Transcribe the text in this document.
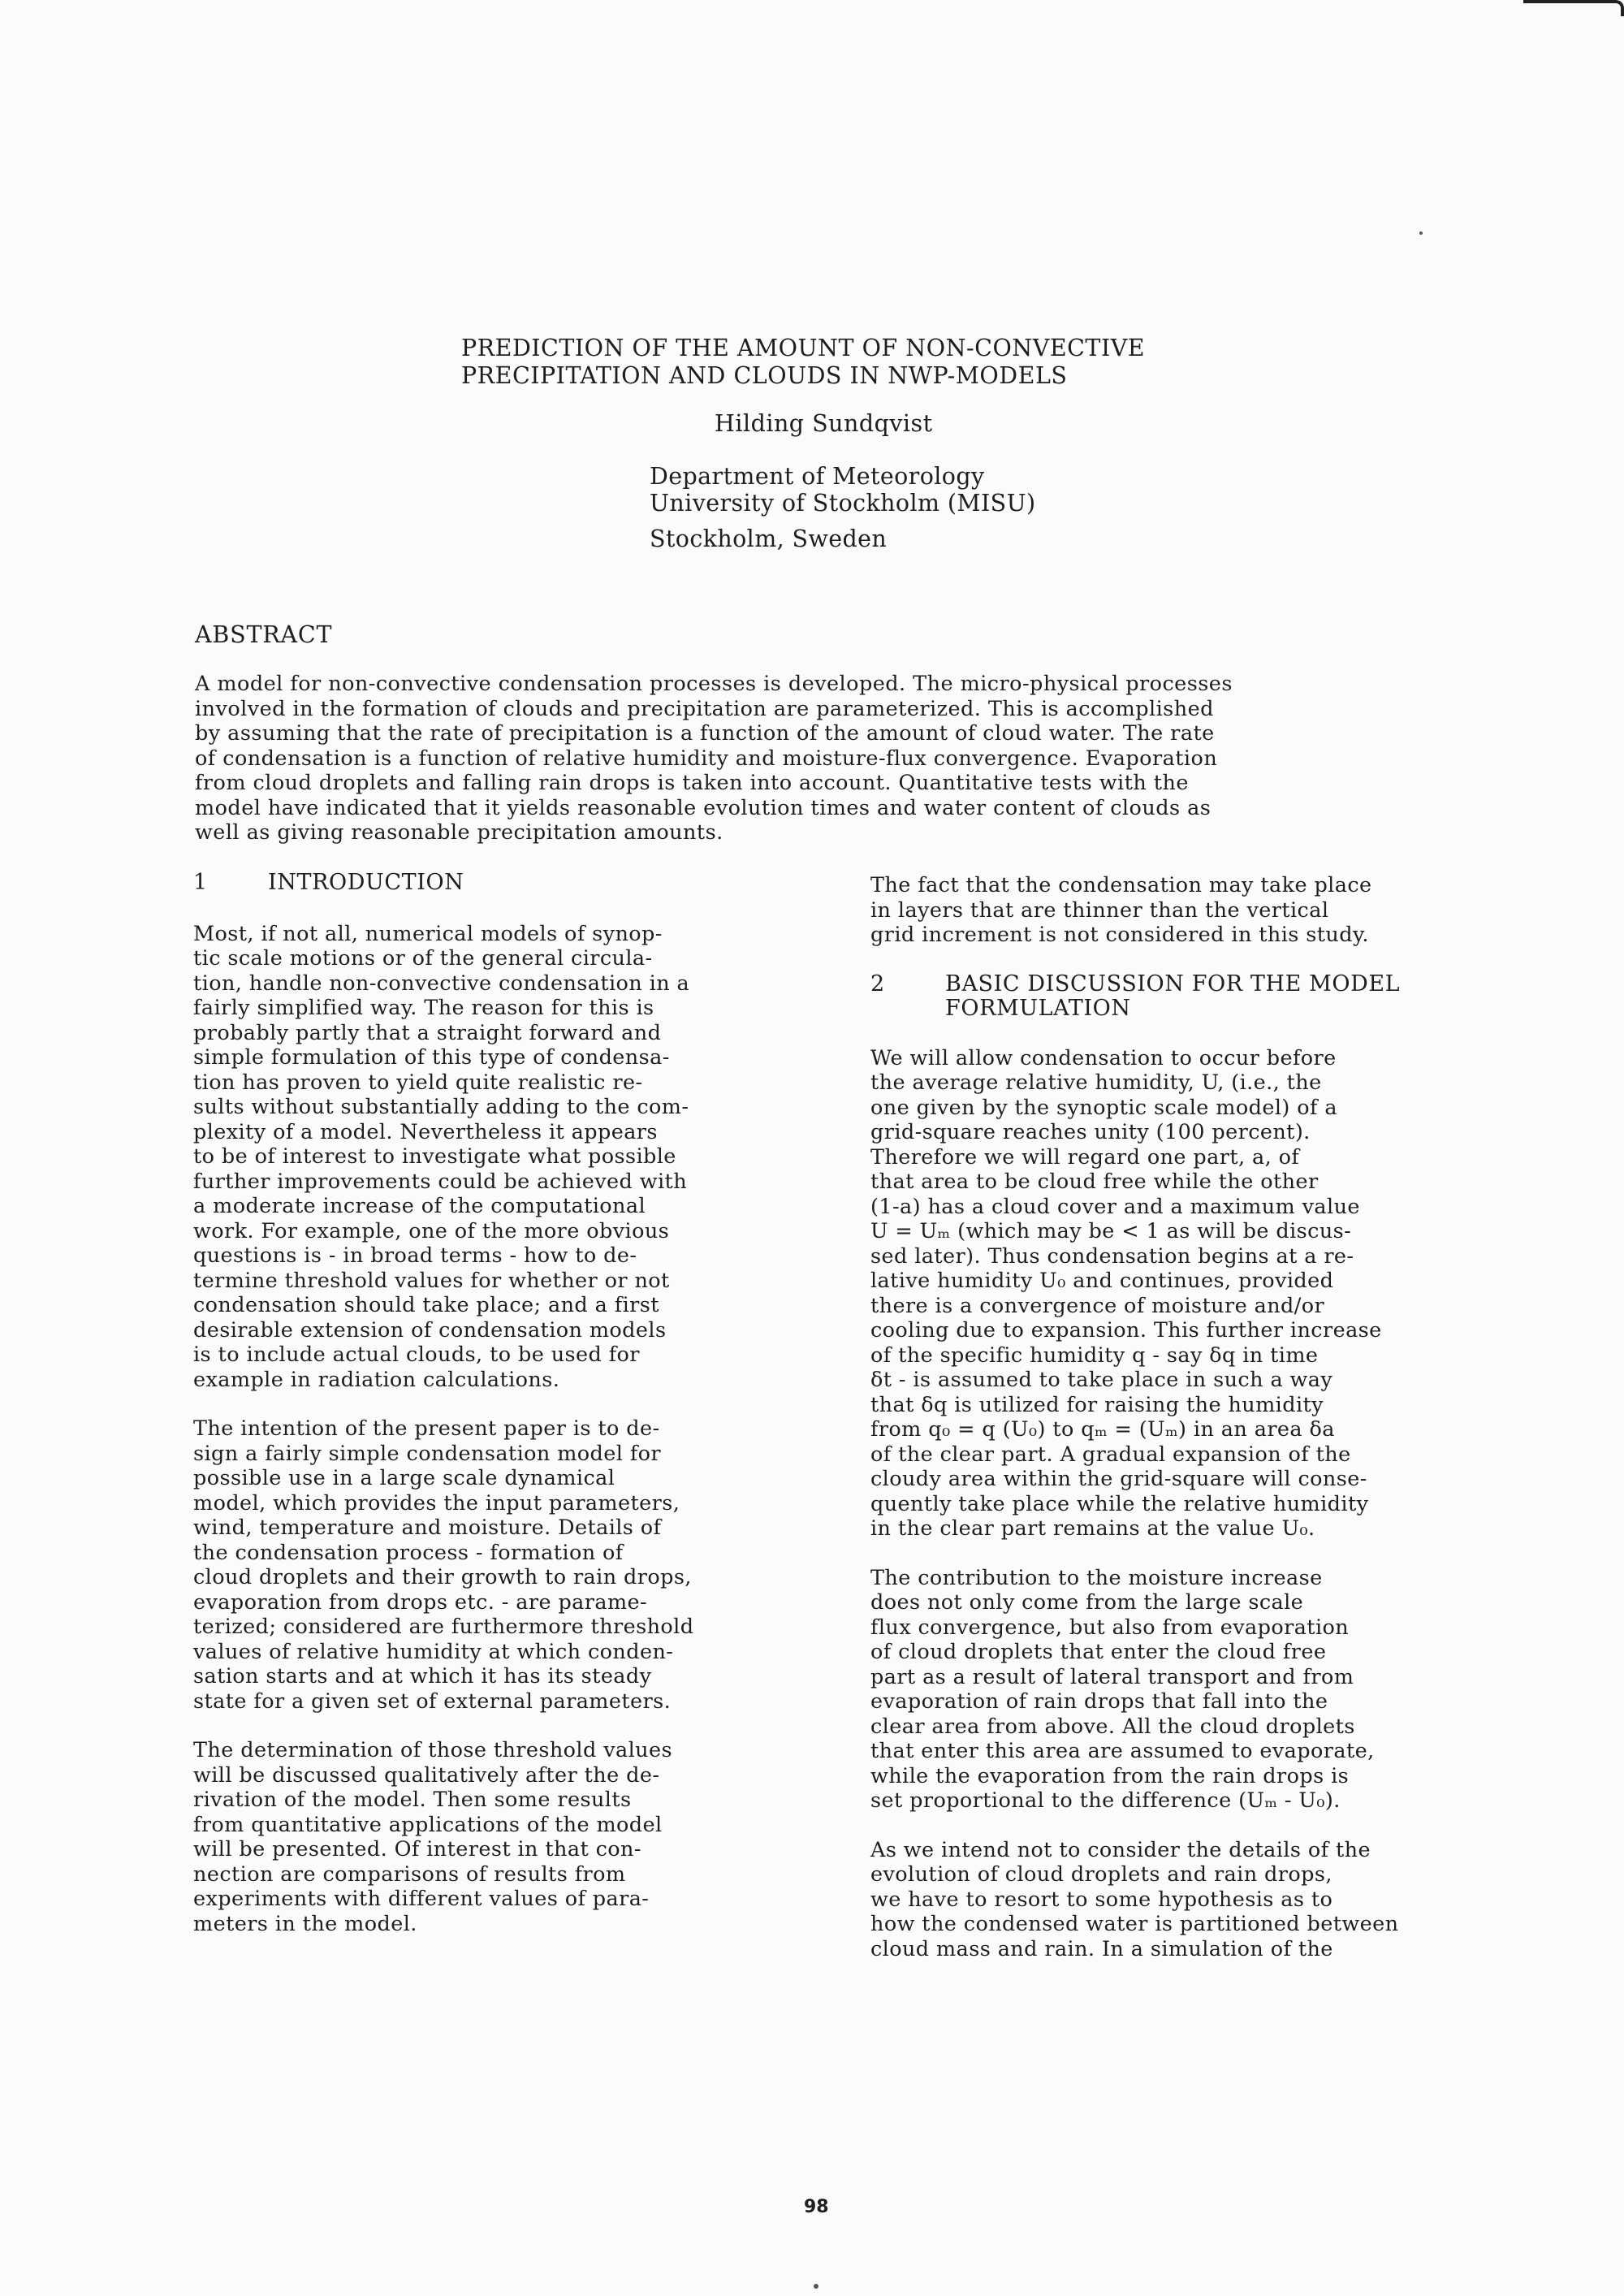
PREDICTION OF THE AMOUNT OF NON-CONVECTIVE
PRECIPITATION AND CLOUDS IN NWP-MODELS
Hilding Sundqvist
Department of Meteorology
University of Stockholm (MISU)
Stockholm, Sweden
ABSTRACT
A model for non-convective condensation processes is developed. The micro-physical processes
involved in the formation of clouds and precipitation are parameterized. This is accomplished
by assuming that the rate of precipitation is a function of the amount of cloud water. The rate
of condensation is a function of relative humidity and moisture-flux convergence. Evaporation
from cloud droplets and falling rain drops is taken into account. Quantitative tests with the
model have indicated that it yields reasonable evolution times and water content of clouds as
well as giving reasonable precipitation amounts.
1	INTRODUCTION
Most, if not all, numerical models of synop-
tic scale motions or of the general circula-
tion, handle non-convective condensation in a
fairly simplified way. The reason for this is
probably partly that a straight forward and
simple formulation of this type of condensa-
tion has proven to yield quite realistic re-
sults without substantially adding to the com-
plexity of a model. Nevertheless it appears
to be of interest to investigate what possible
further improvements could be achieved with
a moderate increase of the computational
work. For example, one of the more obvious
questions is - in broad terms - how to de-
termine threshold values for whether or not
condensation should take place; and a first
desirable extension of condensation models
is to include actual clouds, to be used for
example in radiation calculations.
The intention of the present paper is to de-
sign a fairly simple condensation model for
possible use in a large scale dynamical
model, which provides the input parameters,
wind, temperature and moisture. Details of
the condensation process - formation of
cloud droplets and their growth to rain drops,
evaporation from drops etc. - are parame-
terized; considered are furthermore threshold
values of relative humidity at which conden-
sation starts and at which it has its steady
state for a given set of external parameters.
The determination of those threshold values
will be discussed qualitatively after the de-
rivation of the model. Then some results
from quantitative applications of the model
will be presented. Of interest in that con-
nection are comparisons of results from
experiments with different values of para-
meters in the model.
The fact that the condensation may take place
in layers that are thinner than the vertical
grid increment is not considered in this study.
2	BASIC DISCUSSION FOR THE MODEL
FORMULATION
We will allow condensation to occur before
the average relative humidity, U, (i.e., the
one given by the synoptic scale model) of a
grid-square reaches unity (100 percent).
Therefore we will regard one part, a, of
that area to be cloud free while the other
(1-a) has a cloud cover and a maximum value
U = Uₘ (which may be < 1 as will be discus-
sed later). Thus condensation begins at a re-
lative humidity U₀ and continues, provided
there is a convergence of moisture and/or
cooling due to expansion. This further increase
of the specific humidity q - say δq in time
δt - is assumed to take place in such a way
that δq is utilized for raising the humidity
from q₀ = q (U₀) to qₘ = (Uₘ) in an area δa
of the clear part. A gradual expansion of the
cloudy area within the grid-square will conse-
quently take place while the relative humidity
in the clear part remains at the value U₀.
The contribution to the moisture increase
does not only come from the large scale
flux convergence, but also from evaporation
of cloud droplets that enter the cloud free
part as a result of lateral transport and from
evaporation of rain drops that fall into the
clear area from above. All the cloud droplets
that enter this area are assumed to evaporate,
while the evaporation from the rain drops is
set proportional to the difference (Uₘ - U₀).
As we intend not to consider the details of the
evolution of cloud droplets and rain drops,
we have to resort to some hypothesis as to
how the condensed water is partitioned between
cloud mass and rain. In a simulation of the
98
